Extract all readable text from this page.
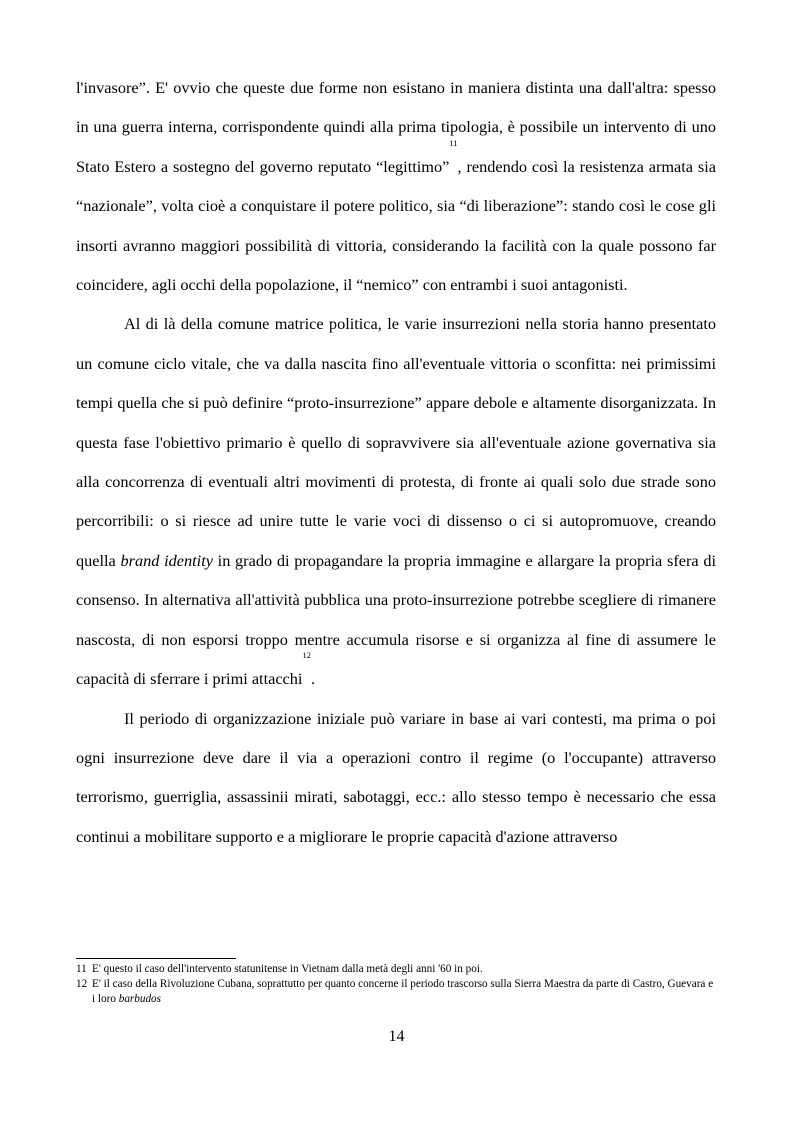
l'invasore”. E' ovvio che queste due forme non esistano in maniera distinta una dall'altra: spesso in una guerra interna, corrispondente quindi alla prima tipologia, è possibile un intervento di uno Stato Estero a sostegno del governo reputato “legittimo”$^{11}$, rendendo così la resistenza armata sia “nazionale”, volta cioè a conquistare il potere politico, sia “di liberazione”: stando così le cose gli insorti avranno maggiori possibilità di vittoria, considerando la facilità con la quale possono far coincidere, agli occhi della popolazione, il “nemico” con entrambi i suoi antagonisti.

Al di là della comune matrice politica, le varie insurrezioni nella storia hanno presentato un comune ciclo vitale, che va dalla nascita fino all'eventuale vittoria o sconfitta: nei primissimi tempi quella che si può definire “proto-insurrezione” appare debole e altamente disorganizzata. In questa fase l'obiettivo primario è quello di sopravvivere sia all'eventuale azione governativa sia alla concorrenza di eventuali altri movimenti di protesta, di fronte ai quali solo due strade sono percorribili: o si riesce ad unire tutte le varie voci di dissenso o ci si autopromuove, creando quella brand identity in grado di propagandare la propria immagine e allargare la propria sfera di consenso. In alternativa all'attività pubblica una proto-insurrezione potrebbe scegliere di rimanere nascosta, di non esporsi troppo mentre accumula risorse e si organizza al fine di assumere le capacità di sferrare i primi attacchi$^{12}$.

Il periodo di organizzazione iniziale può variare in base ai vari contesti, ma prima o poi ogni insurrezione deve dare il via a operazioni contro il regime (o l'occupante) attraverso terrorismo, guerriglia, assassinii mirati, sabotaggi, ecc.: allo stesso tempo è necessario che essa continui a mobilitare supporto e a migliorare le proprie capacità d'azione attraverso

11 E' questo il caso dell'intervento statunitense in Vietnam dalla metà degli anni '60 in poi.

12 E' il caso della Rivoluzione Cubana, soprattutto per quanto concerne il periodo trascorso sulla Sierra Maestra da parte di Castro, Guevara e i loro barbudos

14
